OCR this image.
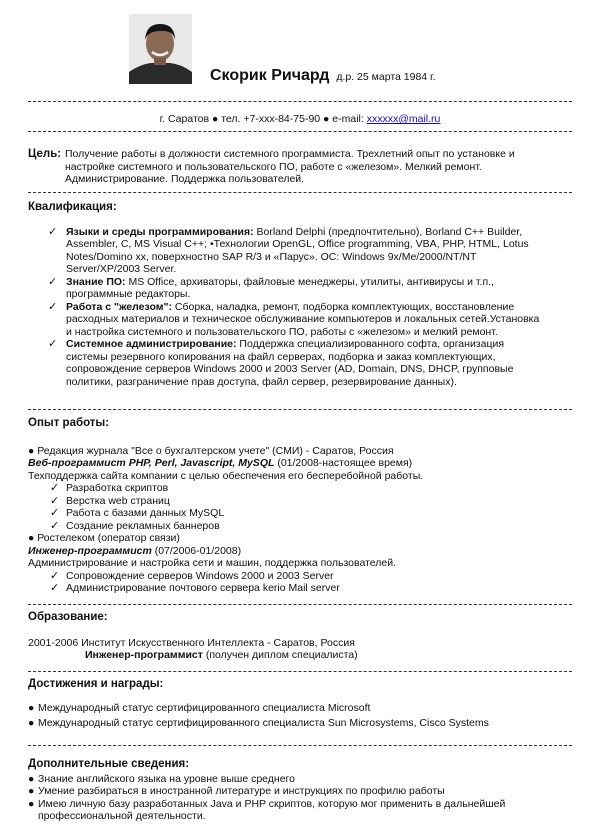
Скорик Ричард д.р. 25 марта 1984 г.
г. Саратов ● тел. +7-xxx-84-75-90 ● e-mail: xxxxxx@mail.ru
Цель: Получение работы в должности системного программиста. Трехлетний опыт по установке и настройке системного и пользовательского ПО, работе с «железом». Мелкий ремонт. Администрирование. Поддержка пользователей.
Квалификация:
✓ Языки и среды программирования: Borland Delphi (предпочтительно), Borland C++ Builder, Assembler, C, MS Visual C++; •Технологии OpenGL, Office programming, VBA, PHP, HTML, Lotus Notes/Domino xx, поверхностно SAP R/3 и «Парус». ОС: Windows 9x/Me/2000/NT/NT Server/XP/2003 Server.
✓ Знание ПО: MS Office, архиваторы, файловые менеджеры, утилиты, антивирусы и т.п., программные редакторы.
✓ Работа с "железом": Сборка, наладка, ремонт, подборка комплектующих, восстановление расходных материалов и техническое обслуживание компьютеров и локальных сетей.Установка и настройка системного и пользовательского ПО, работы с «железом» и мелкий ремонт.
✓ Системное администрирование: Поддержка специализированного софта, организация системы резервного копирования на файл серверах, подборка и заказ комплектующих, сопровождение серверов Windows 2000 и 2003 Server (AD, Domain, DNS, DHCP, групповые политики, разграничение прав доступа, файл сервер, резервирование данных).
Опыт работы:
● Редакция журнала "Все о бухгалтерском учете" (СМИ) - Саратов, Россия
Веб-программист PHP, Perl, Javascript, MySQL (01/2008-настоящее время)
Техподдержка сайта компании с целью обеспечения его бесперебойной работы.
✓ Разработка скриптов
✓ Верстка web страниц
✓ Работа с базами данных MySQL
✓ Создание рекламных баннеров
● Ростелеком (оператор связи)
Инженер-программист (07/2006-01/2008)
Администрирование и настройка сети и машин, поддержка пользователей.
✓ Сопровождение серверов Windows 2000 и 2003 Server
✓ Администрирование почтового сервера kerio Mail server
Образование:
2001-2006 Институт Искусственного Интеллекта - Саратов, Россия
Инженер-программист (получен диплом специалиста)
Достижения и награды:
● Международный статус сертифицированного специалиста Microsoft
● Международный статус сертифицированного специалиста Sun Microsystems, Cisco Systems
Дополнительные сведения:
● Знание английского языка на уровне выше среднего
● Умение разбираться в иностранной литературе и инструкциях по профилю работы
● Имею личную базу разработанных Java и PHP скриптов, которую мог применить в дальнейшей профессиональной деятельности.
